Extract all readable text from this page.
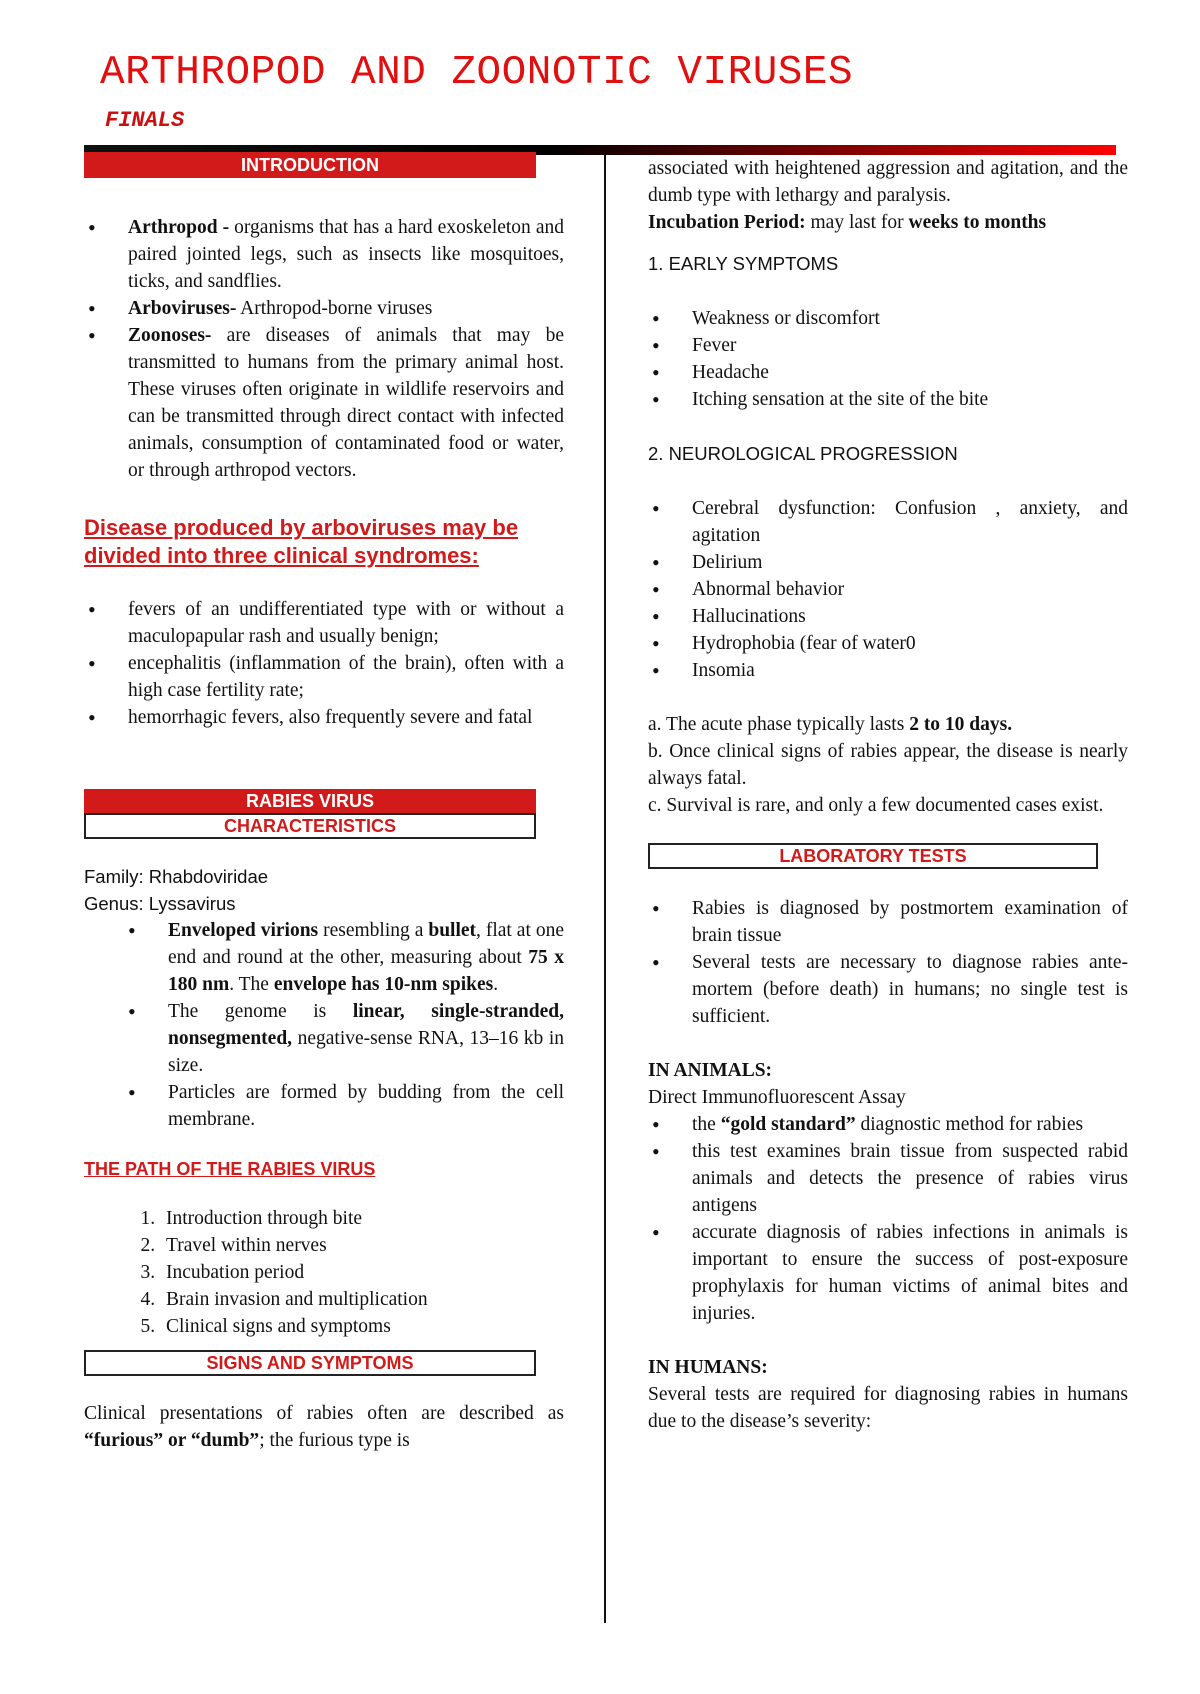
ARTHROPOD AND ZOONOTIC VIRUSES
FINALS
INTRODUCTION
• Arthropod - organisms that has a hard exoskeleton and paired jointed legs, such as insects like mosquitoes, ticks, and sandflies.
• Arboviruses- Arthropod-borne viruses
• Zoonoses- are diseases of animals that may be transmitted to humans from the primary animal host. These viruses often originate in wildlife reservoirs and can be transmitted through direct contact with infected animals, consumption of contaminated food or water, or through arthropod vectors.
Disease produced by arboviruses may be divided into three clinical syndromes:
• fevers of an undifferentiated type with or without a maculopapular rash and usually benign;
• encephalitis (inflammation of the brain), often with a high case fertility rate;
• hemorrhagic fevers, also frequently severe and fatal
RABIES VIRUS
CHARACTERISTICS

Family: Rhabdoviridae

Genus: Lyssavirus

• Enveloped virions resembling a bullet, flat at one end and round at the other, measuring about 75 x 180 nm. The envelope has 10-nm spikes.
• The genome is linear, single-stranded, nonsegmented, negative-sense RNA, 13–16 kb in size.
• Particles are formed by budding from the cell membrane.
THE PATH OF THE RABIES VIRUS
1. Introduction through bite
2. Travel within nerves
3. Incubation period
4. Brain invasion and multiplication
5. Clinical signs and symptoms
SIGNS AND SYMPTOMS

Clinical presentations of rabies often are described as “furious” or “dumb”; the furious type is

associated with heightened aggression and agitation, and the dumb type with lethargy and paralysis.

Incubation Period: may last for weeks to months

1. EARLY SYMPTOMS

• Weakness or discomfort
• Fever
• Headache
• Itching sensation at the site of the bite

2. NEUROLOGICAL PROGRESSION

• Cerebral dysfunction: Confusion , anxiety, and agitation
• Delirium
• Abnormal behavior
• Hallucinations
• Hydrophobia (fear of water0
• Insomia

a. The acute phase typically lasts 2 to 10 days.

b. Once clinical signs of rabies appear, the disease is nearly always fatal.

c. Survival is rare, and only a few documented cases exist.

LABORATORY TESTS
• Rabies is diagnosed by postmortem examination of brain tissue
• Several tests are necessary to diagnose rabies ante-mortem (before death) in humans; no single test is sufficient.

IN ANIMALS:

Direct Immunofluorescent Assay

• the “gold standard” diagnostic method for rabies
• this test examines brain tissue from suspected rabid animals and detects the presence of rabies virus antigens
• accurate diagnosis of rabies infections in animals is important to ensure the success of post-exposure prophylaxis for human victims of animal bites and injuries.

IN HUMANS:

Several tests are required for diagnosing rabies in humans due to the disease’s severity:
